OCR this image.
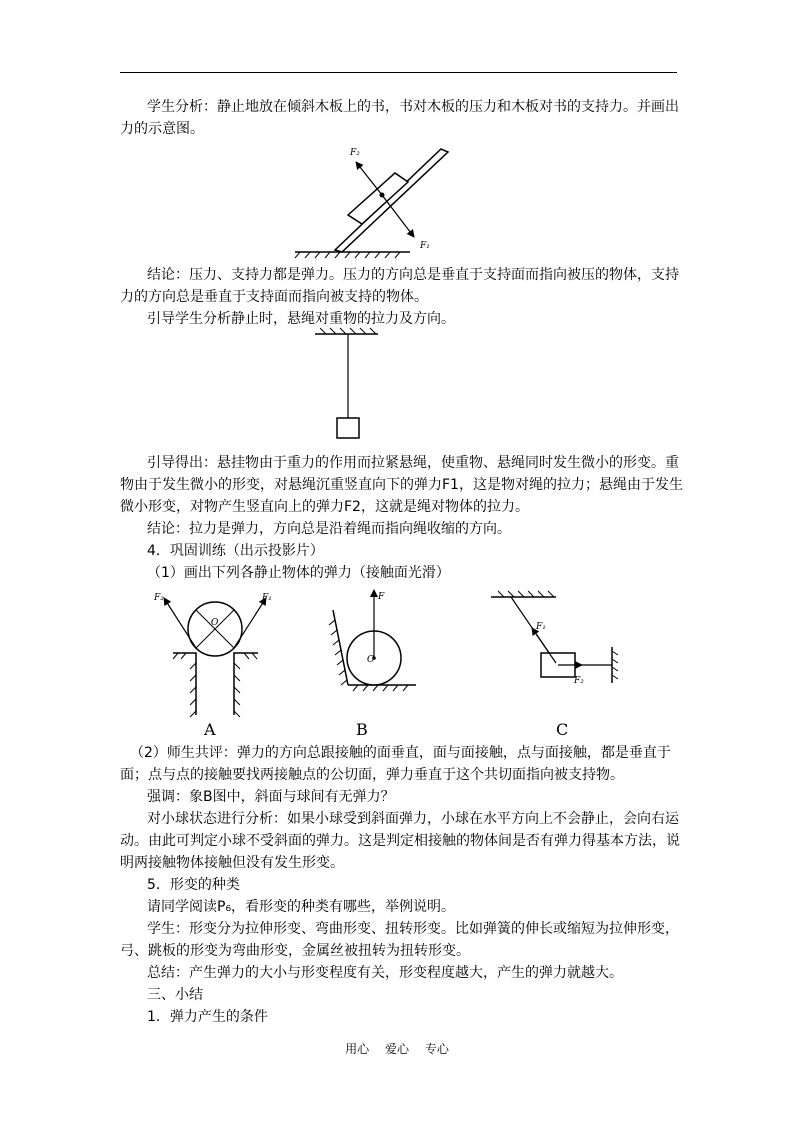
学生分析：静止地放在倾斜木板上的书，书对木板的压力和木板对书的支持力。并画出
力的示意图。
F₂
F₁
结论：压力、支持力都是弹力。压力的方向总是垂直于支持面而指向被压的物体，支持
力的方向总是垂直于支持面而指向被支持的物体。
引导学生分析静止时，悬绳对重物的拉力及方向。
引导得出：悬挂物由于重力的作用而拉紧悬绳，使重物、悬绳同时发生微小的形变。重
物由于发生微小的形变，对悬绳沉重竖直向下的弹力F1，这是物对绳的拉力；悬绳由于发生
微小形变，对物产生竖直向上的弹力F2，这就是绳对物体的拉力。
结论：拉力是弹力，方向总是沿着绳而指向绳收缩的方向。
4．巩固训练（出示投影片）
（1）画出下列各静止物体的弹力（接触面光滑）
F₂	F₁
O
A
F
O
B
F₁
F₂
C
（2）师生共评：弹力的方向总跟接触的面垂直，面与面接触，点与面接触，都是垂直于
面；点与点的接触要找两接触点的公切面，弹力垂直于这个共切面指向被支持物。
强调：象B图中，斜面与球间有无弹力？
对小球状态进行分析：如果小球受到斜面弹力，小球在水平方向上不会静止，会向右运
动。由此可判定小球不受斜面的弹力。这是判定相接触的物体间是否有弹力得基本方法，说
明两接触物体接触但没有发生形变。
5．形变的种类
请同学阅读P₆，看形变的种类有哪些，举例说明。
学生：形变分为拉伸形变、弯曲形变、扭转形变。比如弹簧的伸长或缩短为拉伸形变，
弓、跳板的形变为弯曲形变，金属丝被扭转为扭转形变。
总结：产生弹力的大小与形变程度有关，形变程度越大，产生的弹力就越大。
三、小结
1．弹力产生的条件
用心 爱心 专心
